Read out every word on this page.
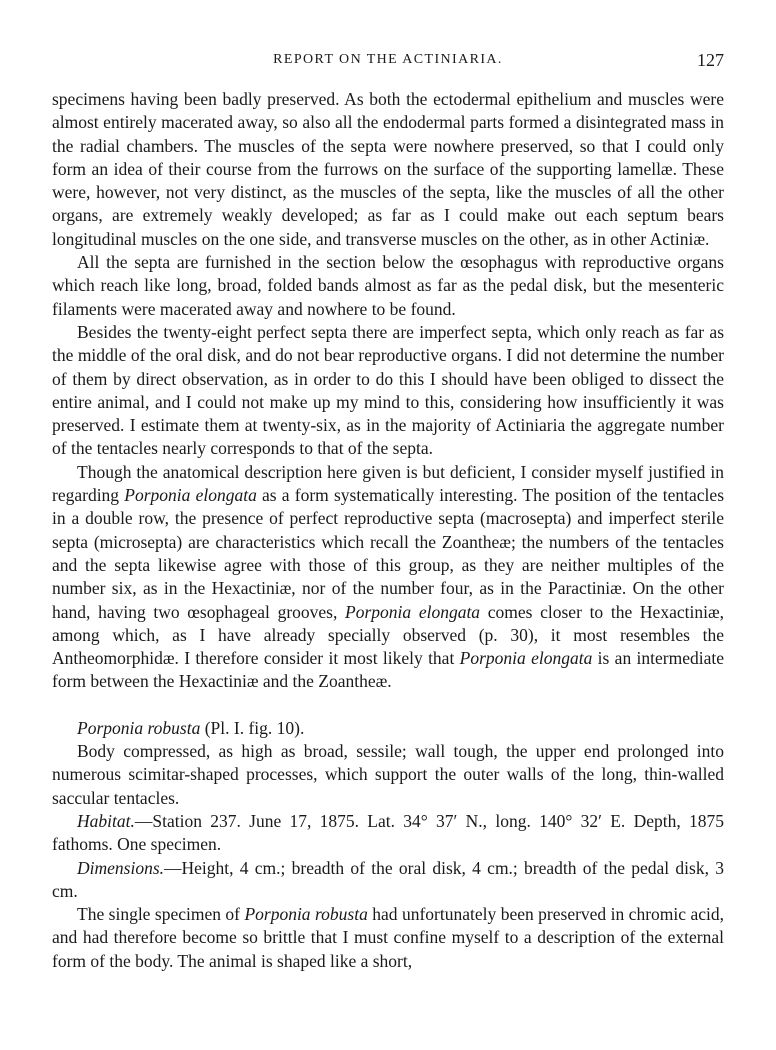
REPORT ON THE ACTINIARIA.	127

specimens having been badly preserved. As both the ectodermal epithelium and muscles were almost entirely macerated away, so also all the endodermal parts formed a disintegrated mass in the radial chambers. The muscles of the septa were nowhere preserved, so that I could only form an idea of their course from the furrows on the surface of the supporting lamellæ. These were, however, not very distinct, as the muscles of the septa, like the muscles of all the other organs, are extremely weakly developed; as far as I could make out each septum bears longitudinal muscles on the one side, and transverse muscles on the other, as in other Actiniæ.

All the septa are furnished in the section below the œsophagus with reproductive organs which reach like long, broad, folded bands almost as far as the pedal disk, but the mesenteric filaments were macerated away and nowhere to be found.

Besides the twenty-eight perfect septa there are imperfect septa, which only reach as far as the middle of the oral disk, and do not bear reproductive organs. I did not determine the number of them by direct observation, as in order to do this I should have been obliged to dissect the entire animal, and I could not make up my mind to this, considering how insufficiently it was preserved. I estimate them at twenty-six, as in the majority of Actiniaria the aggregate number of the tentacles nearly corresponds to that of the septa.

Though the anatomical description here given is but deficient, I consider myself justified in regarding Porponia elongata as a form systematically interesting. The position of the tentacles in a double row, the presence of perfect reproductive septa (macrosepta) and imperfect sterile septa (microsepta) are characteristics which recall the Zoantheæ; the numbers of the tentacles and the septa likewise agree with those of this group, as they are neither multiples of the number six, as in the Hexactiniæ, nor of the number four, as in the Paractiniæ. On the other hand, having two œsophageal grooves, Porponia elongata comes closer to the Hexactiniæ, among which, as I have already specially observed (p. 30), it most resembles the Antheomorphidæ. I therefore consider it most likely that Porponia elongata is an intermediate form between the Hexactiniæ and the Zoantheæ.

Porponia robusta (Pl. I. fig. 10).

Body compressed, as high as broad, sessile; wall tough, the upper end prolonged into numerous scimitar-shaped processes, which support the outer walls of the long, thin-walled saccular tentacles.

Habitat.—Station 237. June 17, 1875. Lat. 34° 37′ N., long. 140° 32′ E. Depth, 1875 fathoms. One specimen.

Dimensions.—Height, 4 cm.; breadth of the oral disk, 4 cm.; breadth of the pedal disk, 3 cm.

The single specimen of Porponia robusta had unfortunately been preserved in chromic acid, and had therefore become so brittle that I must confine myself to a description of the external form of the body. The animal is shaped like a short,
